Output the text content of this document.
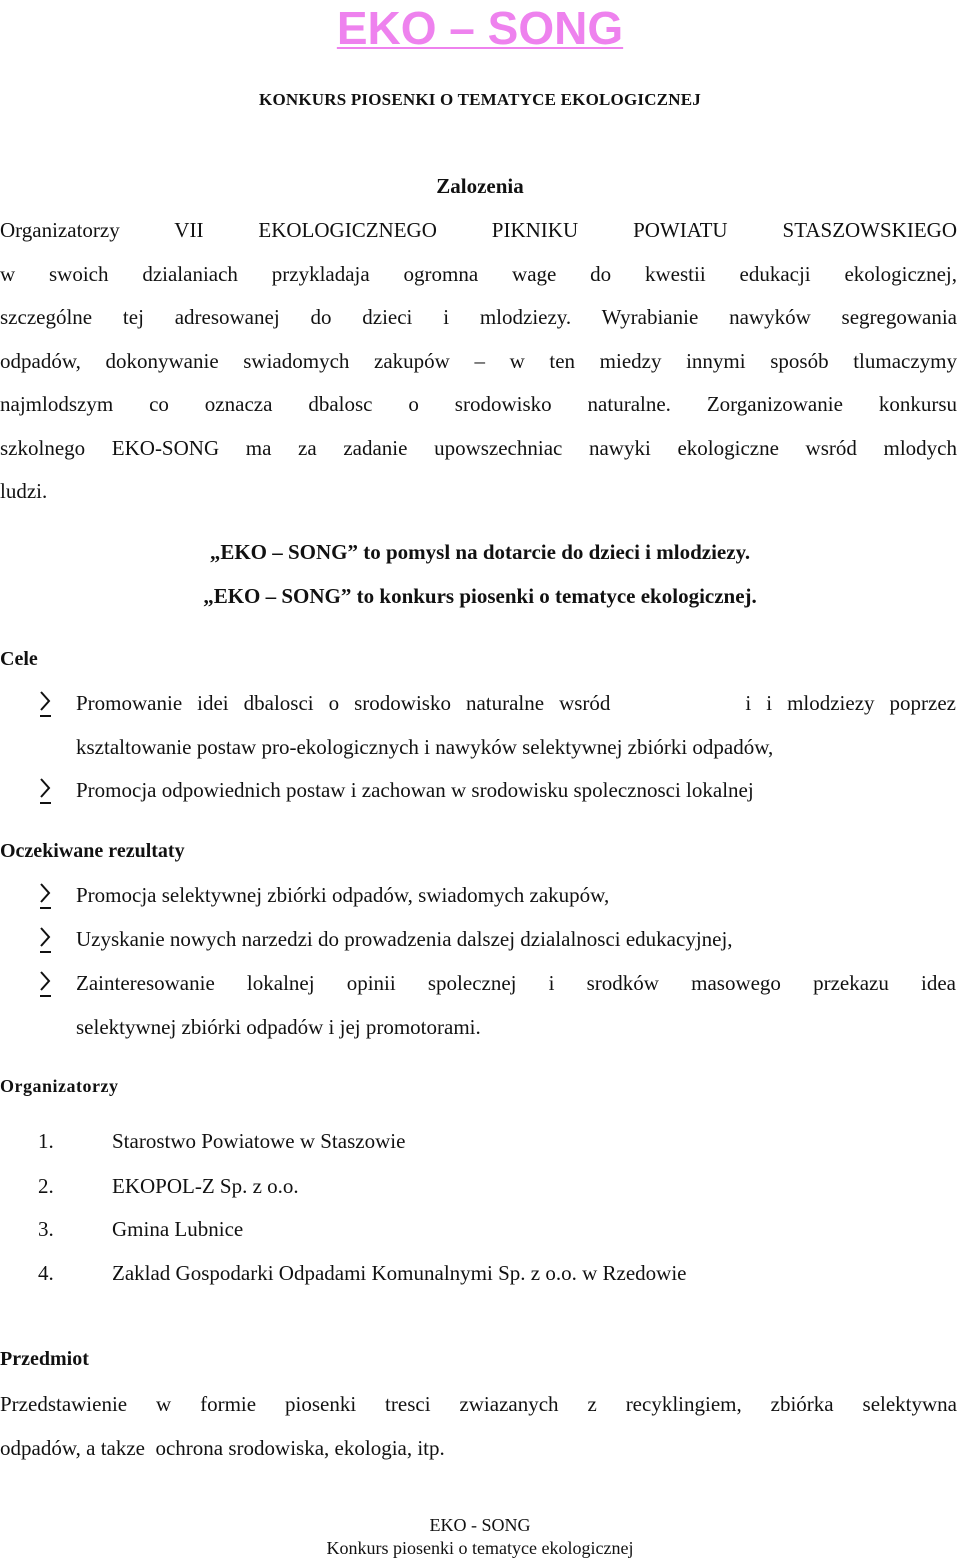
EKO – SONG
KONKURS PIOSENKI O TEMATYCE EKOLOGICZNEJ
Zalozenia
Organizatorzy VII EKOLOGICZNEGO PIKNIKU POWIATU STASZOWSKIEGO
w swoich dzialaniach przykladaja ogromna wage do kwestii edukacji ekologicznej,
szczególne tej adresowanej do dzieci i mlodziezy. Wyrabianie nawyków segregowania
odpadów, dokonywanie swiadomych zakupów – w ten miedzy innymi sposób tlumaczymy
najmlodszym co oznacza dbalosc o srodowisko naturalne. Zorganizowanie konkursu
szkolnego EKO-SONG ma za zadanie upowszechniac nawyki ekologiczne wsród mlodych
ludzi.
„EKO – SONG” to pomysl na dotarcie do dzieci i mlodziezy.
„EKO – SONG” to konkurs piosenki o tematyce ekologicznej.
Cele
Promowanie idei dbalosci o srodowisko naturalne wsród         i i mlodziezy poprzez
ksztaltowanie postaw pro-ekologicznych i nawyków selektywnej zbiórki odpadów,
Promocja odpowiednich postaw i zachowan w srodowisku spolecznosci lokalnej
Oczekiwane rezultaty
Promocja selektywnej zbiórki odpadów, swiadomych zakupów,
Uzyskanie nowych narzedzi do prowadzenia dalszej dzialalnosci edukacyjnej,
Zainteresowanie lokalnej opinii spolecznej i srodków masowego przekazu idea
selektywnej zbiórki odpadów i jej promotorami.
Organizatorzy
1.	Starostwo Powiatowe w Staszowie
2.	EKOPOL-Z Sp. z o.o.
3.	Gmina Lubnice
4.	Zaklad Gospodarki Odpadami Komunalnymi Sp. z o.o. w Rzedowie
Przedmiot
Przedstawienie w formie piosenki tresci zwiazanych z recyklingiem, zbiórka selektywna
odpadów, a takze  ochrona srodowiska, ekologia, itp.
EKO - SONG
Konkurs piosenki o tematyce ekologicznej
